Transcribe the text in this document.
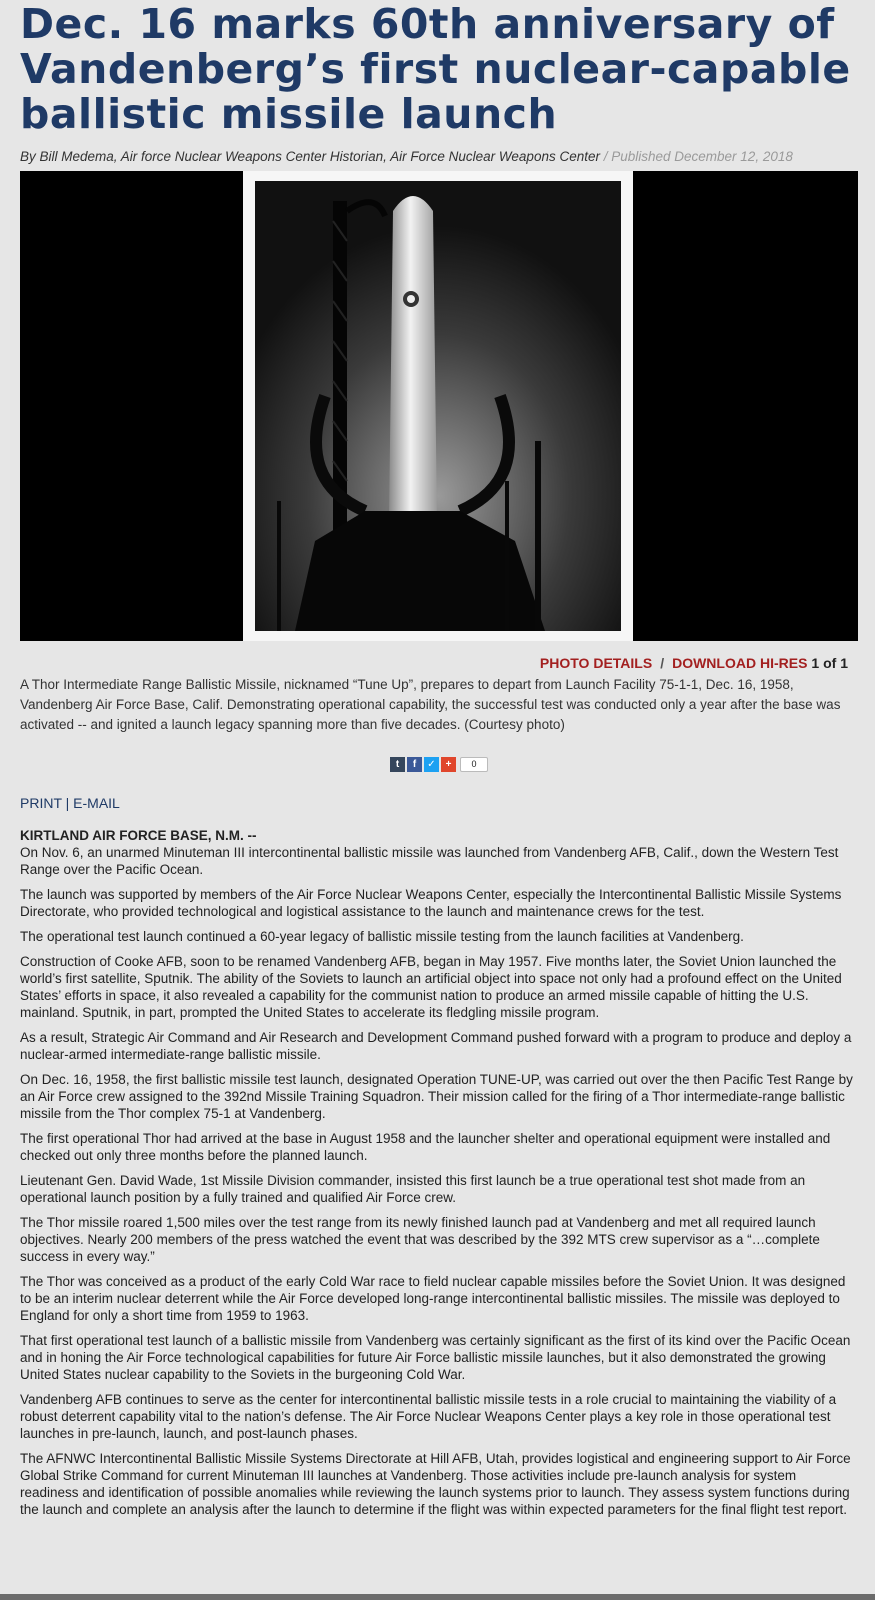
Dec. 16 marks 60th anniversary of Vandenberg’s first nuclear-capable ballistic missile launch
By Bill Medema, Air force Nuclear Weapons Center Historian, Air Force Nuclear Weapons Center / Published December 12, 2018
PHOTO DETAILS / DOWNLOAD HI-RES 1 of 1
A Thor Intermediate Range Ballistic Missile, nicknamed “Tune Up”, prepares to depart from Launch Facility 75-1-1, Dec. 16, 1958, Vandenberg Air Force Base, Calif. Demonstrating operational capability, the successful test was conducted only a year after the base was activated -- and ignited a launch legacy spanning more than five decades. (Courtesy photo)
t	f	✓ +	0
PRINT | E-MAIL
KIRTLAND AIR FORCE BASE, N.M. --

On Nov. 6, an unarmed Minuteman III intercontinental ballistic missile was launched from Vandenberg AFB, Calif., down the Western Test Range over the Pacific Ocean.

The launch was supported by members of the Air Force Nuclear Weapons Center, especially the Intercontinental Ballistic Missile Systems Directorate, who provided technological and logistical assistance to the launch and maintenance crews for the test.

The operational test launch continued a 60-year legacy of ballistic missile testing from the launch facilities at Vandenberg.

Construction of Cooke AFB, soon to be renamed Vandenberg AFB, began in May 1957. Five months later, the Soviet Union launched the world’s first satellite, Sputnik. The ability of the Soviets to launch an artificial object into space not only had a profound effect on the United States’ efforts in space, it also revealed a capability for the communist nation to produce an armed missile capable of hitting the U.S. mainland. Sputnik, in part, prompted the United States to accelerate its fledgling missile program.

As a result, Strategic Air Command and Air Research and Development Command pushed forward with a program to produce and deploy a nuclear-armed intermediate-range ballistic missile.

On Dec. 16, 1958, the first ballistic missile test launch, designated Operation TUNE-UP, was carried out over the then Pacific Test Range by an Air Force crew assigned to the 392nd Missile Training Squadron. Their mission called for the firing of a Thor intermediate-range ballistic missile from the Thor complex 75-1 at Vandenberg.

The first operational Thor had arrived at the base in August 1958 and the launcher shelter and operational equipment were installed and checked out only three months before the planned launch.

Lieutenant Gen. David Wade, 1st Missile Division commander, insisted this first launch be a true operational test shot made from an operational launch position by a fully trained and qualified Air Force crew.

The Thor missile roared 1,500 miles over the test range from its newly finished launch pad at Vandenberg and met all required launch objectives. Nearly 200 members of the press watched the event that was described by the 392 MTS crew supervisor as a “…complete success in every way.”

The Thor was conceived as a product of the early Cold War race to field nuclear capable missiles before the Soviet Union. It was designed to be an interim nuclear deterrent while the Air Force developed long-range intercontinental ballistic missiles. The missile was deployed to England for only a short time from 1959 to 1963.

That first operational test launch of a ballistic missile from Vandenberg was certainly significant as the first of its kind over the Pacific Ocean and in honing the Air Force technological capabilities for future Air Force ballistic missile launches, but it also demonstrated the growing United States nuclear capability to the Soviets in the burgeoning Cold War.

Vandenberg AFB continues to serve as the center for intercontinental ballistic missile tests in a role crucial to maintaining the viability of a robust deterrent capability vital to the nation’s defense. The Air Force Nuclear Weapons Center plays a key role in those operational test launches in pre-launch, launch, and post-launch phases.

The AFNWC Intercontinental Ballistic Missile Systems Directorate at Hill AFB, Utah, provides logistical and engineering support to Air Force Global Strike Command for current Minuteman III launches at Vandenberg. Those activities include pre-launch analysis for system readiness and identification of possible anomalies while reviewing the launch systems prior to launch. They assess system functions during the launch and complete an analysis after the launch to determine if the flight was within expected parameters for the final flight test report.
